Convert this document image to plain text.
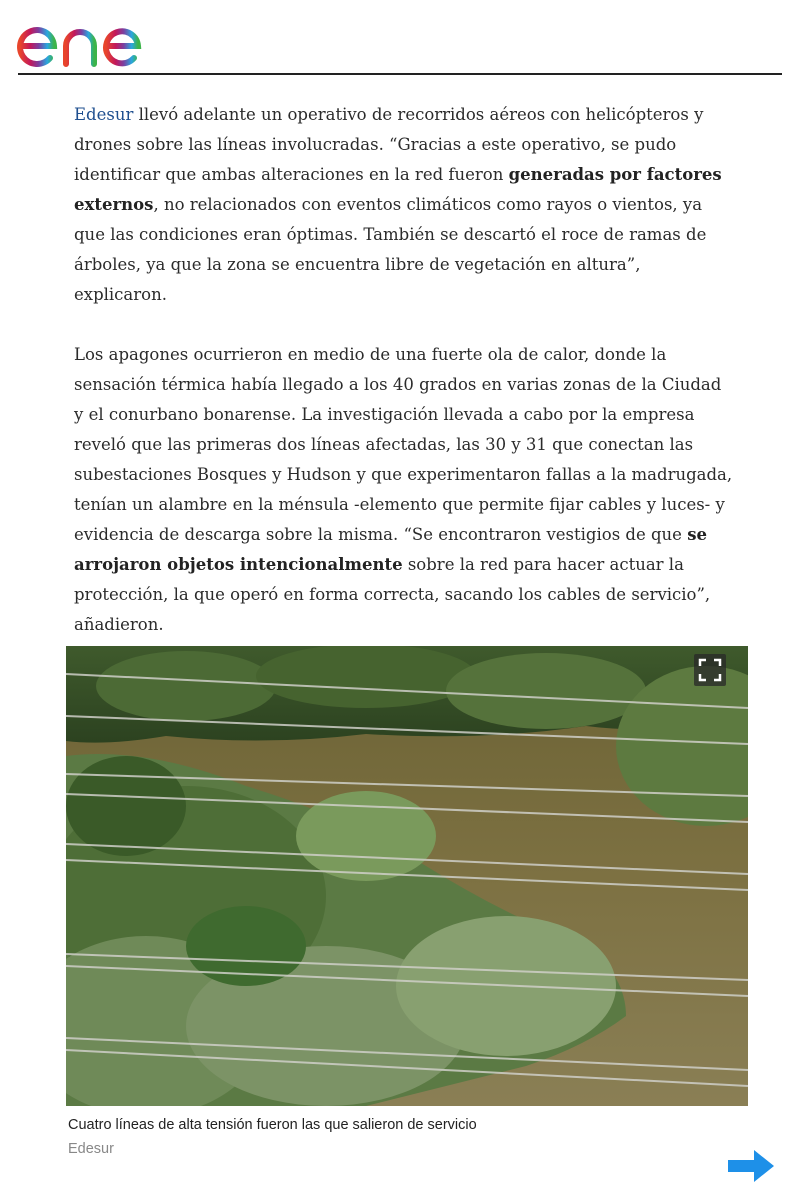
Edesur llevó adelante un operativo de recorridos aéreos con helicópteros y drones sobre las líneas involucradas. “Gracias a este operativo, se pudo identificar que ambas alteraciones en la red fueron generadas por factores externos, no relacionados con eventos climáticos como rayos o vientos, ya que las condiciones eran óptimas. También se descartó el roce de ramas de árboles, ya que la zona se encuentra libre de vegetación en altura”, explicaron.

Los apagones ocurrieron en medio de una fuerte ola de calor, donde la sensación térmica había llegado a los 40 grados en varias zonas de la Ciudad y el conurbano bonarense. La investigación llevada a cabo por la empresa reveló que las primeras dos líneas afectadas, las 30 y 31 que conectan las subestaciones Bosques y Hudson y que experimentaron fallas a la madrugada, tenían un alambre en la ménsula -elemento que permite fijar cables y luces- y evidencia de descarga sobre la misma. “Se encontraron vestigios de que se arrojaron objetos intencionalmente sobre la red para hacer actuar la protección, la que operó en forma correcta, sacando los cables de servicio”, añadieron.

Cuatro líneas de alta tensión fueron las que salieron de servicio
Edesur
